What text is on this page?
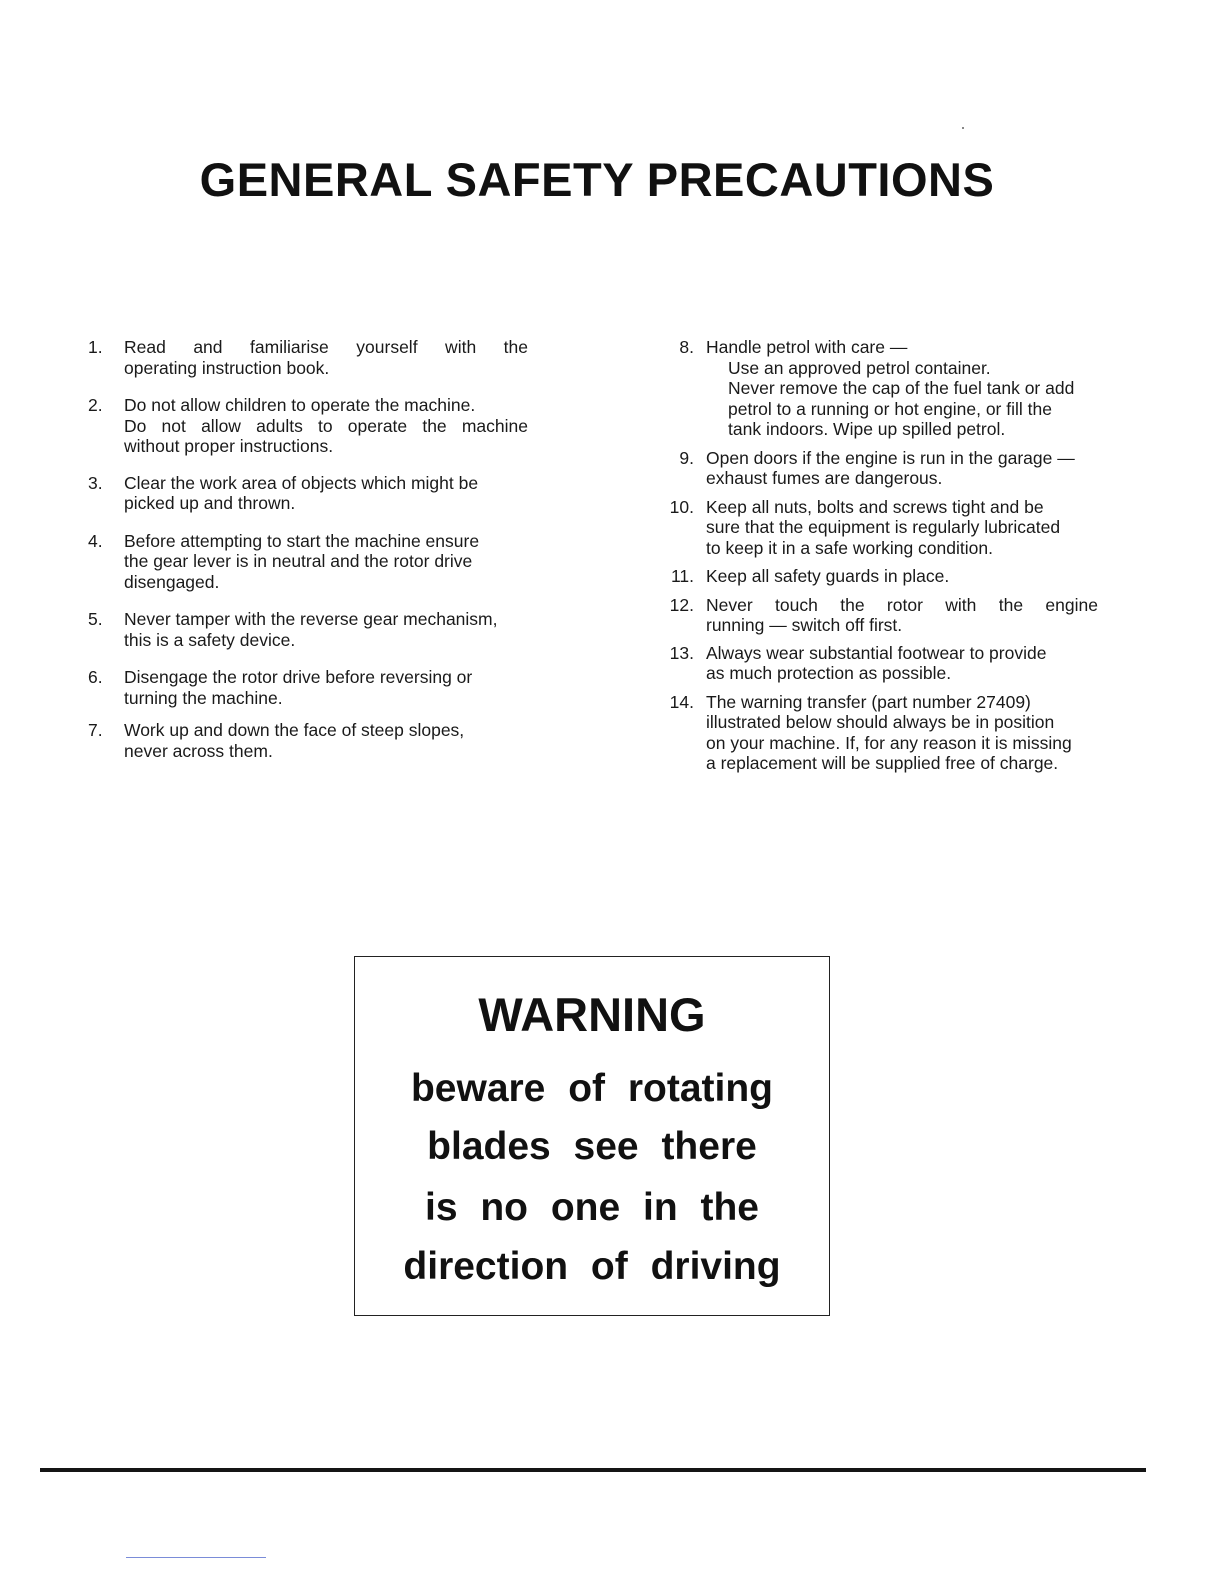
GENERAL SAFETY PRECAUTIONS
1.	Read and familiarise yourself with the
operating instruction book.
2.	Do not allow children to operate the machine.
Do not allow adults to operate the machine
without proper instructions.
3.	Clear the work area of objects which might be
picked up and thrown.
4.	Before attempting to start the machine ensure
the gear lever is in neutral and the rotor drive
disengaged.
5.	Never tamper with the reverse gear mechanism,
this is a safety device.
6.	Disengage the rotor drive before reversing or
turning the machine.
7.	Work up and down the face of steep slopes,
never across them.
8. Handle petrol with care —
Use an approved petrol container.
Never remove the cap of the fuel tank or add
petrol to a running or hot engine, or fill the
tank indoors. Wipe up spilled petrol.
9. Open doors if the engine is run in the garage —
exhaust fumes are dangerous.
10. Keep all nuts, bolts and screws tight and be
sure that the equipment is regularly lubricated
to keep it in a safe working condition.
11. Keep all safety guards in place.
12. Never touch the rotor with the engine
running — switch off first.
13. Always wear substantial footwear to provide
as much protection as possible.
14. The warning transfer (part number 27409)
illustrated below should always be in position
on your machine. If, for any reason it is missing
a replacement will be supplied free of charge.
WARNING
beware of rotating
blades see there
is no one in the
direction of driving
